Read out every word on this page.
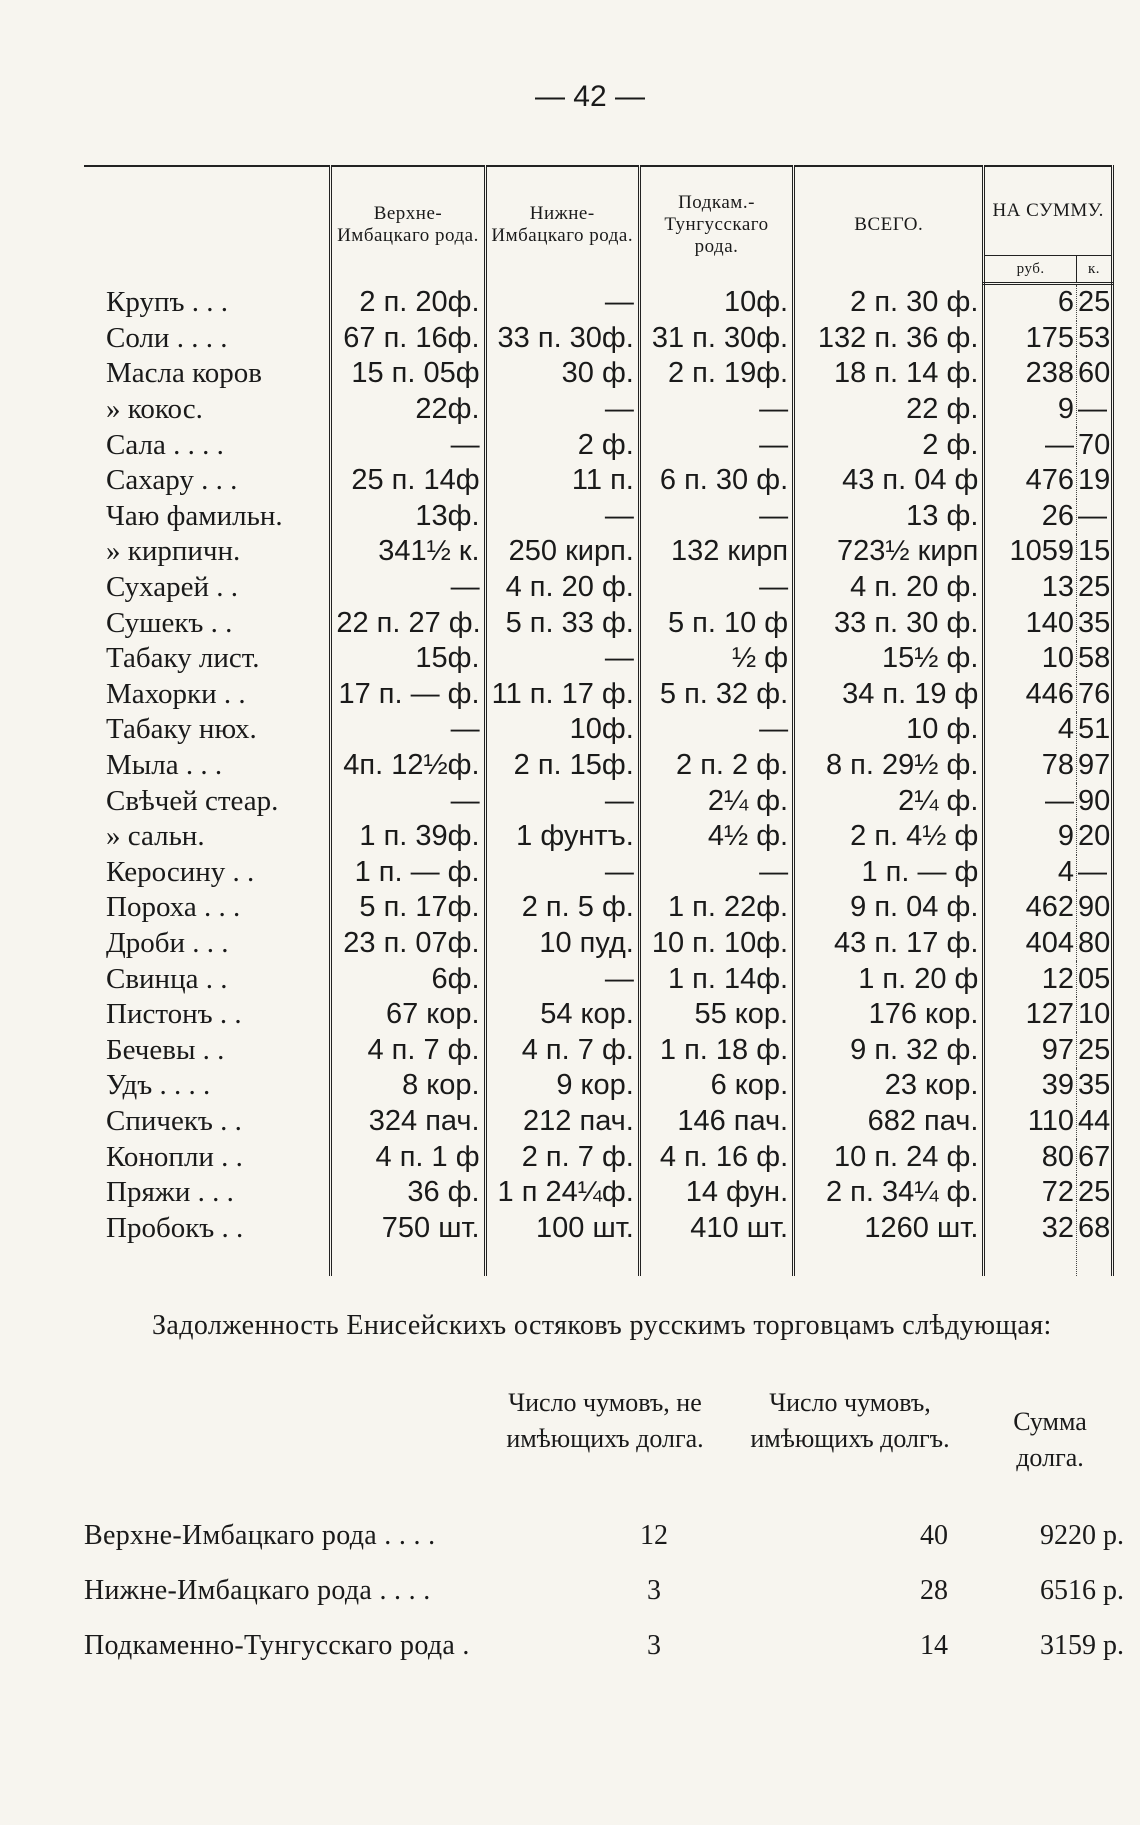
— 42 —
	Верхне-Имбацкаго рода.	Нижне-Имбацкаго рода.	Подкам.-Тунгусскаго рода.	ВСЕГО.	НА СУММУ.	
					руб.	к.
Крупъ . . .	2 п. 20ф.	—	10ф.	2 п. 30 ф.	6	25
Соли . . . .	67 п. 16ф.	33 п. 30ф.	31 п. 30ф.	132 п. 36 ф.	175	53
Масла коров	15 п. 05ф	30 ф.	2 п. 19ф.	18 п. 14 ф.	238	60
» кокос.	22ф.	—	—	22 ф.	9	—
Сала . . . .	—	2 ф.	—	2 ф.	—	70
Сахару . . .	25 п. 14ф	11 п.	6 п. 30 ф.	43 п. 04 ф	476	19
Чаю фамильн.	13ф.	—	—	13 ф.	26	—
» кирпичн.	341½ к.	250 кирп.	132 кирп	723½ кирп	1059	15
Сухарей . .	—	4 п. 20 ф.	—	4 п. 20 ф.	13	25
Сушекъ . .	22 п. 27 ф.	5 п. 33 ф.	5 п. 10 ф	33 п. 30 ф.	140	35
Табаку лист.	15ф.	—	½ ф	15½ ф.	10	58
Махорки . .	17 п. — ф.	11 п. 17 ф.	5 п. 32 ф.	34 п. 19 ф	446	76
Табаку нюх.	—	10ф.	—	10 ф.	4	51
Мыла . . .	4п. 12½ф.	2 п. 15ф.	2 п. 2 ф.	8 п. 29½ ф.	78	97
Свѣчей стеар.	—	—	2¼ ф.	2¼ ф.	—	90
» сальн.	1 п. 39ф.	1 фунтъ.	4½ ф.	2 п. 4½ ф	9	20
Керосину . .	1 п. — ф.	—	—	1 п. — ф	4	—
Пороха . . .	5 п. 17ф.	2 п. 5 ф.	1 п. 22ф.	9 п. 04 ф.	462	90
Дроби . . .	23 п. 07ф.	10 пуд.	10 п. 10ф.	43 п. 17 ф.	404	80
Свинца . .	6ф.	—	1 п. 14ф.	1 п. 20 ф	12	05
Пистонъ . .	67 кор.	54 кор.	55 кор.	176 кор.	127	10
Бечевы . .	4 п. 7 ф.	4 п. 7 ф.	1 п. 18 ф.	9 п. 32 ф.	97	25
Удъ . . . .	8 кор.	9 кор.	6 кор.	23 кор.	39	35
Спичекъ . .	324 пач.	212 пач.	146 пач.	682 пач.	110	44
Конопли . .	4 п. 1 ф	2 п. 7 ф.	4 п. 16 ф.	10 п. 24 ф.	80	67
Пряжи . . .	36 ф.	1 п 24¼ф.	14 фун.	2 п. 34¼ ф.	72	25
Пробокъ . .	750 шт.	100 шт.	410 шт.	1260 шт.	32	68
Задолженность Енисейскихъ остяковъ русскимъ торговцамъ слѣдующая:
Число чумовъ, не имѣющихъ долга.
Число чумовъ, имѣющихъ долгъ.
Сумма долга.
Верхне-Имбацкаго рода . . . .	12	40	9220 р.
Нижне-Имбацкаго рода . . . .	3	28	6516 р.
Подкаменно-Тунгусскаго рода .	3	14	3159 р.
